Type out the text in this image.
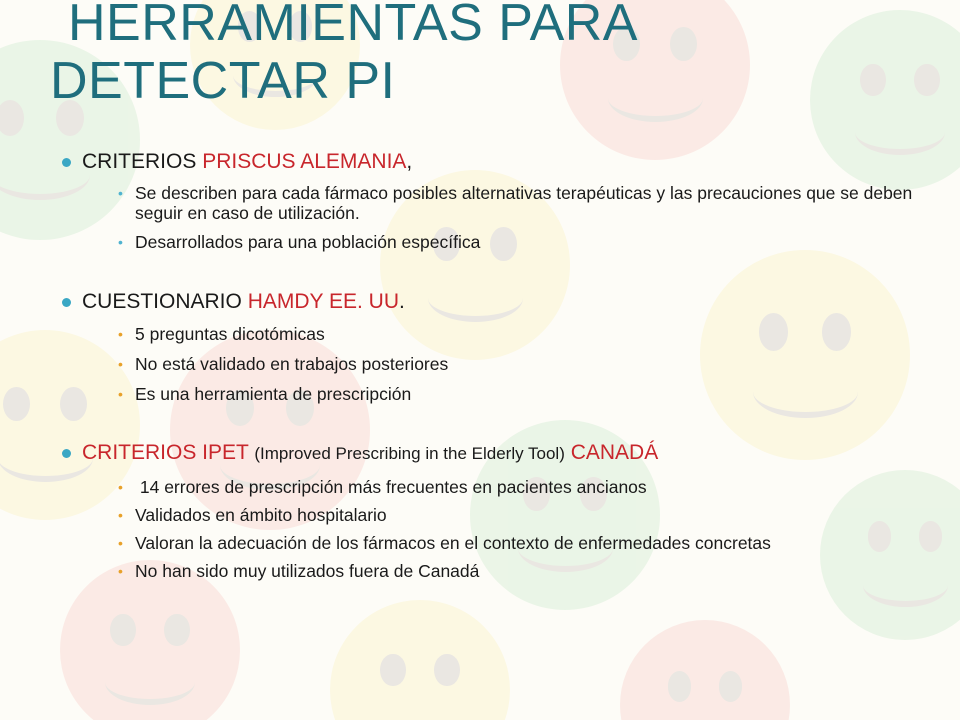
HERRAMIENTAS PARA
DETECTAR PI
CRITERIOS PRISCUS ALEMANIA,
• Se describen para cada fármaco posibles alternativas terapéuticas y las precauciones que se deben seguir en caso de utilización.
• Desarrollados para una población específica
CUESTIONARIO HAMDY EE. UU.
• 5 preguntas dicotómicas
• No está validado en trabajos posteriores
• Es una herramienta de prescripción
CRITERIOS IPET (Improved Prescribing in the Elderly Tool) CANADÁ
• 14 errores de prescripción más frecuentes en pacientes ancianos
• Validados en ámbito hospitalario
• Valoran la adecuación de los fármacos en el contexto de enfermedades concretas
• No han sido muy utilizados fuera de Canadá
